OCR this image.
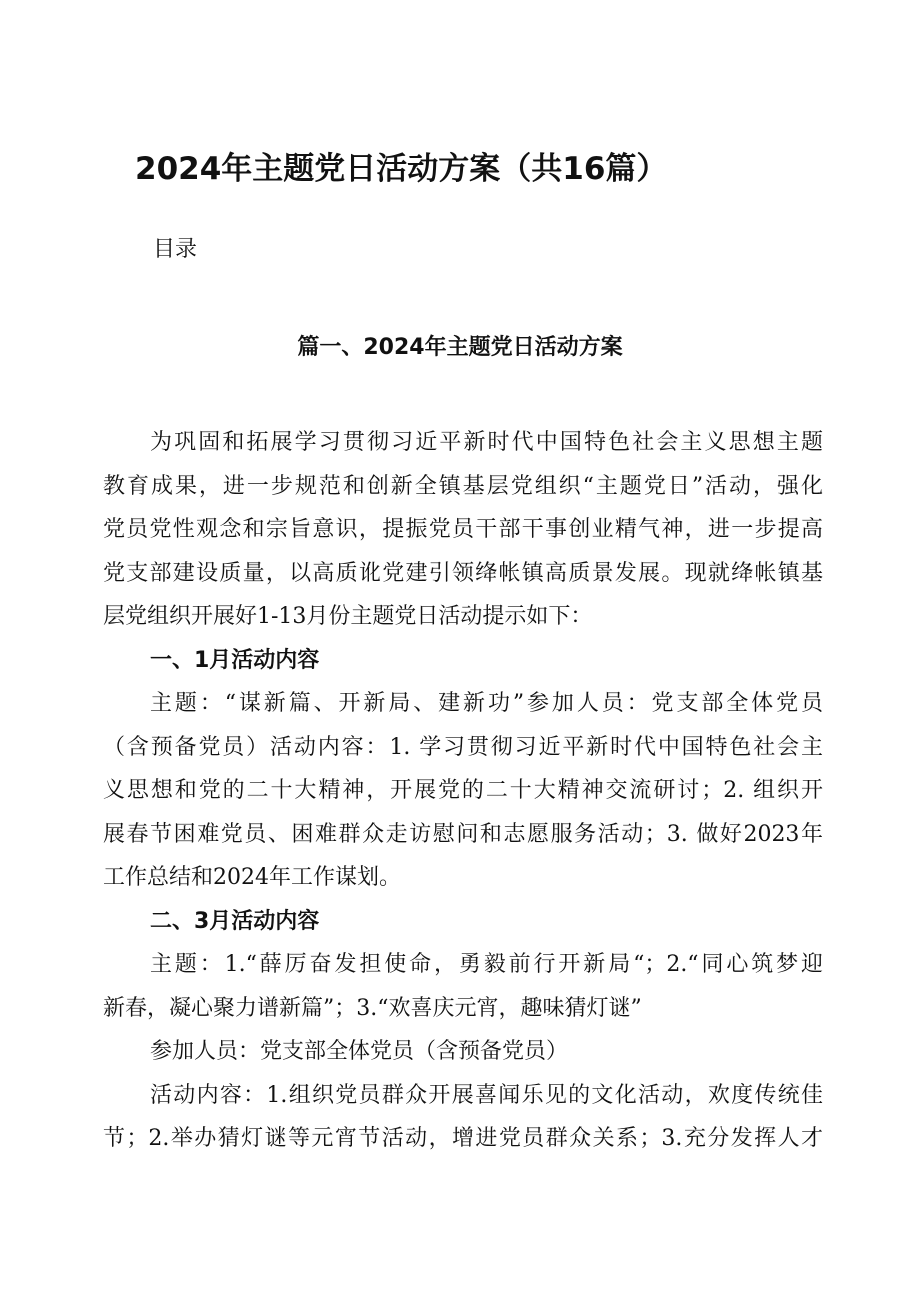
2024年主题党日活动方案（共16篇）
目录
篇一、2024年主题党日活动方案
为巩固和拓展学习贯彻习近平新时代中国特色社会主义思想主题
教育成果，进一步规范和创新全镇基层党组织“主题党日”活动，强化
党员党性观念和宗旨意识，提振党员干部干事创业精气神，进一步提高
党支部建设质量，以高质讹党建引领绛帐镇高质景发展。现就绛帐镇基
层党组织开展好1-13月份主题党日活动提示如下：
一、1月活动内容
主题：“谋新篇、开新局、建新功”参加人员：党支部全体党员
（含预备党员）活动内容：1. 学习贯彻习近平新时代中国特色社会主
义思想和党的二十大精神，开展党的二十大精神交流研讨；2. 组织开
展春节困难党员、困难群众走访慰问和志愿服务活动；3. 做好2023年
工作总结和2024年工作谋划。
二、3月活动内容
主题：1.“薛厉奋发担使命，勇毅前行开新局“；2.“同心筑梦迎
新春，凝心聚力谱新篇”；3.“欢喜庆元宵，趣味猜灯谜”
参加人员：党支部全体党员（含预备党员）
活动内容：1.组织党员群众开展喜闻乐见的文化活动，欢度传统佳
节；2.举办猜灯谜等元宵节活动，增进党员群众关系；3.充分发挥人才
